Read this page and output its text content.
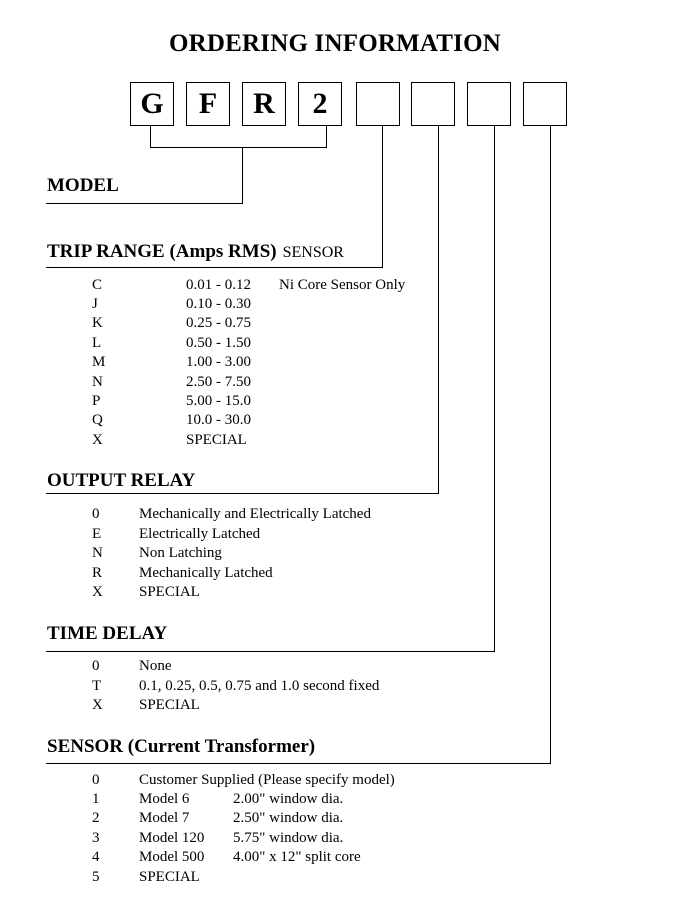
ORDERING INFORMATION
G	F	R	2
MODEL
TRIP RANGE (Amps RMS) SENSOR
C	0.01 - 0.12 Ni Core Sensor Only
J	0.10 - 0.30
K	0.25 - 0.75
L	0.50 - 1.50
M	1.00 - 3.00
N	2.50 - 7.50
P	5.00 - 15.0
Q	10.0 - 30.0
X	SPECIAL
OUTPUT RELAY
0	Mechanically and Electrically Latched
E	Electrically Latched
N Non Latching
R Mechanically Latched
X SPECIAL
TIME DELAY
0	None
T	0.1, 0.25, 0.5, 0.75 and 1.0 second fixed
X SPECIAL
SENSOR (Current Transformer)
0	Customer Supplied (Please specify model)
1	Model 6	2.00" window dia.
2	Model 7	2.50" window dia.
3	Model 120 5.75" window dia.
4	Model 500 4.00" x 12" split core
5	SPECIAL
